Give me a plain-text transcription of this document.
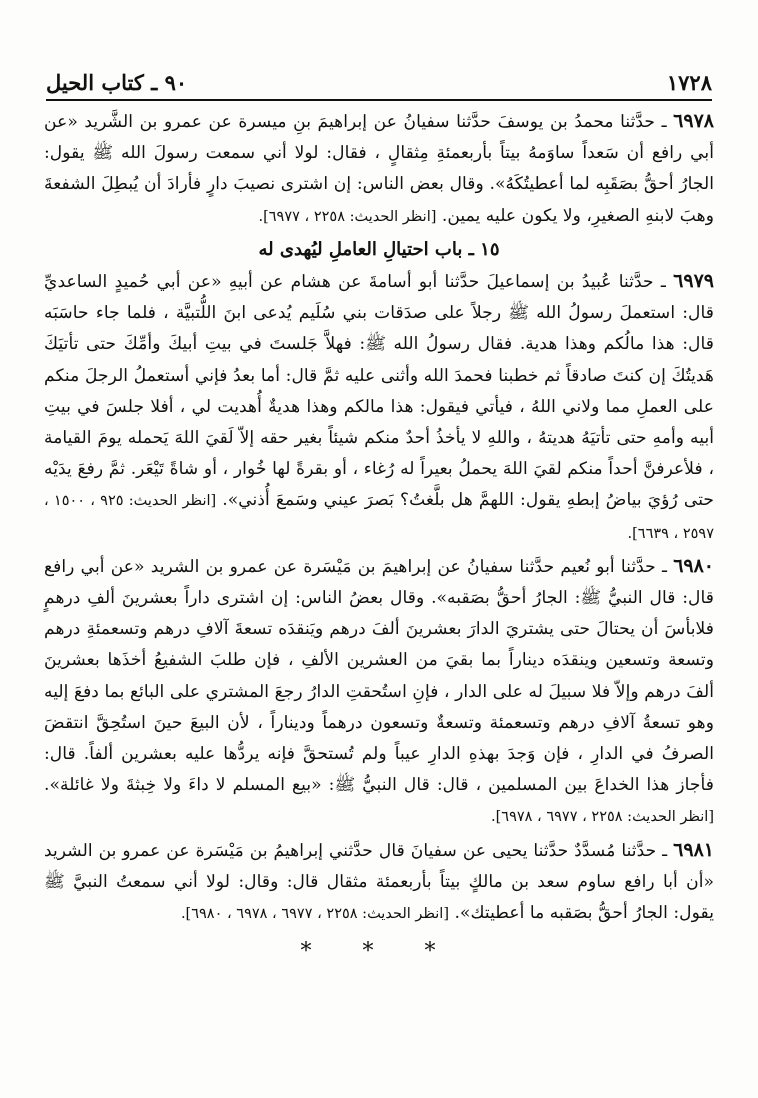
١٧٢٨
٩٠ ـ كتاب الحيل

٦٩٧٨ ـ حدَّثنا محمدُ بن يوسفَ حدَّثنا سفيانُ عن إبراهيمَ بنِ ميسرة عن عمرو بن الشَّريد «عن أبي رافع أن سَعداً ساوَمهُ بيتاً بأربعمئةِ مِثقالٍ ، فقال: لولا أني سمعت رسولَ الله ﷺ يقول: الجارُ أحقُّ بصَقَبِه لما أعطيتُكَهُ». وقال بعض الناس: إن اشترى نصيبَ دارٍ فأرادَ أن يُبطِلَ الشفعةَ وهبَ لابنهِ الصغيرِ، ولا يكون عليه يمين. [انظر الحديث: ٢٢٥٨ ، ٦٩٧٧].

١٥ ـ باب احتيالِ العاملِ ليُهدى له

٦٩٧٩ ـ حدَّثنا عُبيدُ بن إسماعيلَ حدَّثنا أبو أسامةَ عن هشام عن أبيهِ «عن أبي حُميدٍ الساعديِّ قال: استعملَ رسولُ الله ﷺ رجلاً على صدَقات بني سُلَيم يُدعى ابنَ اللُّتبيَّة ، فلما جاء حاسَبَه قال: هذا مالُكم وهذا هدية. فقال رسولُ الله ﷺ: فهلاَّ جَلستَ في بيتِ أبيكَ وأمِّكَ حتى تأتيَكَ هَديتُكَ إن كنتَ صادقاً ثم خطبنا فحمدَ الله وأثنى عليه ثمَّ قال: أما بعدُ فإني أستعملُ الرجلَ منكم على العملِ مما ولاني اللهُ ، فيأتي فيقول: هذا مالكم وهذا هديةٌ أُهديت لي ، أفلا جلسَ في بيتِ أبيه وأمهِ حتى تأتيَهُ هديتهُ ، واللهِ لا يأخذُ أحدٌ منكم شيئاً بغير حقه إلاّ لَقيَ اللهَ يَحمله يومَ القيامة ، فلأعرفنَّ أحداً منكم لقيَ اللهَ يحملُ بعيراً له رُغاء ، أو بقرةً لها خُوار ، أو شاةً تَيْعَر. ثمَّ رفعَ يدَيْه حتى رُؤيَ بياضُ إبطهِ يقول: اللهمَّ هل بلَّغتُ؟ بَصرَ عيني وسَمعَ أُذني». [انظر الحديث: ٩٢٥ ، ١٥٠٠ ، ٢٥٩٧ ، ٦٦٣٩].

٦٩٨٠ ـ حدَّثنا أبو نُعيم حدَّثنا سفيانُ عن إبراهيمَ بن مَيْسَرة عن عمرو بن الشريد «عن أبي رافع قال: قال النبيُّ ﷺ: الجارُ أحقُّ بصَقبه». وقال بعضُ الناس: إن اشترى داراً بعشرينَ ألفِ درهمٍ فلابأسَ أن يحتالَ حتى يشتريَ الدارَ بعشرينَ ألفَ درهم ويَنقدَه تسعةَ آلافِ درهم وتسعمئةِ درهم وتسعة وتسعين وينقدَه ديناراً بما بقيَ من العشرين الألفِ ، فإن طلبَ الشفيعُ أخذَها بعشرينَ ألفَ درهم وإلاّ فلا سبيلَ له على الدار ، فإنِ استُحقتِ الدارُ رجعَ المشتري على البائع بما دفعَ إليه وهو تسعةُ آلافِ درهم وتسعمئة وتسعةٌ وتسعون درهماً وديناراً ، لأن البيعَ حينَ استُحِقَّ انتقضَ الصرفُ في الدارِ ، فإن وَجدَ بهذهِ الدارِ عيباً ولم تُستحقَّ فإنه يردُّها عليه بعشرين ألفاً. قال: فأجاز هذا الخداعَ بين المسلمين ، قال: قال النبيُّ ﷺ: «بيع المسلم لا داءَ ولا خِبثةَ ولا غائلة». [انظر الحديث: ٢٢٥٨ ، ٦٩٧٧ ، ٦٩٧٨].

٦٩٨١ ـ حدَّثنا مُسدَّدٌ حدَّثنا يحيى عن سفيانَ قال حدَّثني إبراهيمُ بن مَيْسَرة عن عمرو بن الشريد «أن أبا رافع ساوم سعد بن مالكٍ بيتاً بأربعمئة مثقال قال: وقال: لولا أني سمعتُ النبيَّ ﷺ يقول: الجارُ أحقُّ بصَقبه ما أعطيتك». [انظر الحديث: ٢٢٥٨ ، ٦٩٧٧ ، ٦٩٧٨ ، ٦٩٨٠].

* * *
